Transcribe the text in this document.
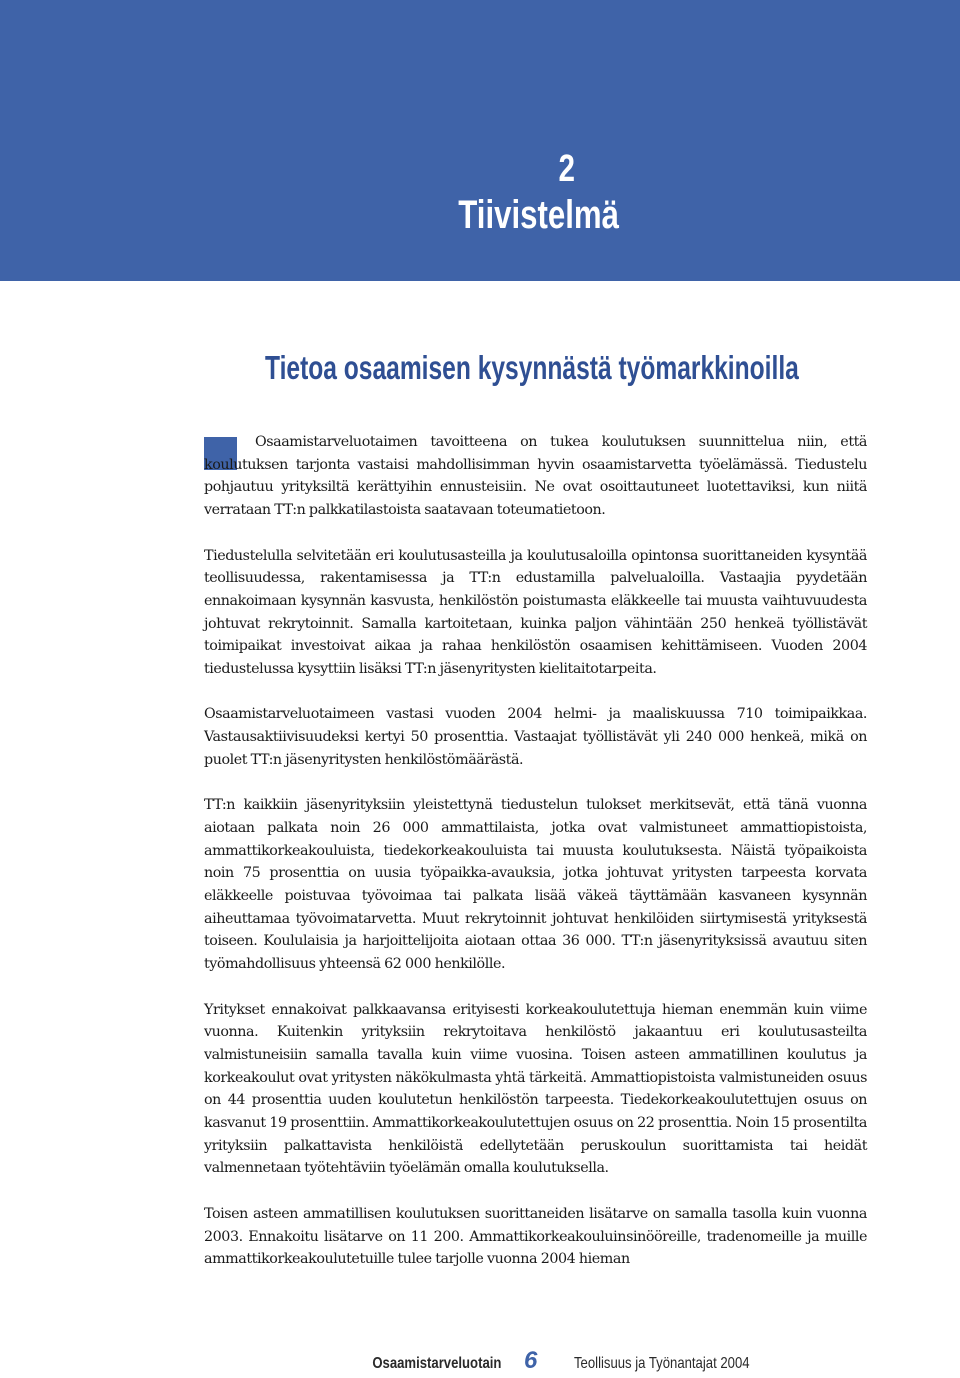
2
Tiivistelmä
Tietoa osaamisen kysynnästä työmarkkinoilla

Osaamistarveluotaimen tavoitteena on tukea koulutuksen suunnittelua niin, että koulutuksen tarjonta vastaisi mahdollisimman hyvin osaamistarvetta työelämässä. Tiedustelu pohjautuu yrityksiltä kerättyihin ennusteisiin. Ne ovat osoittautuneet luotettaviksi, kun niitä verrataan TT:n palkkatilastoista saatavaan toteumatietoon.

Tiedustelulla selvitetään eri koulutusasteilla ja koulutusaloilla opintonsa suorittaneiden kysyntää teollisuudessa, rakentamisessa ja TT:n edustamilla palvelualoilla. Vastaajia pyydetään ennakoimaan kysynnän kasvusta, henkilöstön poistumasta eläkkeelle tai muusta vaihtuvuudesta johtuvat rekrytoinnit. Samalla kartoitetaan, kuinka paljon vähintään 250 henkeä työllistävät toimipaikat investoivat aikaa ja rahaa henkilöstön osaamisen kehittämiseen. Vuoden 2004 tiedustelussa kysyttiin lisäksi TT:n jäsenyritysten kielitaitotarpeita.

Osaamistarveluotaimeen vastasi vuoden 2004 helmi- ja maaliskuussa 710 toimipaikkaa. Vastausaktiivisuudeksi kertyi 50 prosenttia. Vastaajat työllistävät yli 240 000 henkeä, mikä on puolet TT:n jäsenyritysten henkilöstömäärästä.

TT:n kaikkiin jäsenyrityksiin yleistettynä tiedustelun tulokset merkitsevät, että tänä vuonna aiotaan palkata noin 26 000 ammattilaista, jotka ovat valmistuneet ammattiopistoista, ammattikorkeakouluista, tiedekorkeakouluista tai muusta koulutuksesta. Näistä työpaikoista noin 75 prosenttia on uusia työpaikka-avauksia, jotka johtuvat yritysten tarpeesta korvata eläkkeelle poistuvaa työvoimaa tai palkata lisää väkeä täyttämään kasvaneen kysynnän aiheuttamaa työvoimatarvetta. Muut rekrytoinnit johtuvat henkilöiden siirtymisestä yrityksestä toiseen. Koululaisia ja harjoittelijoita aiotaan ottaa 36 000. TT:n jäsenyrityksissä avautuu siten työmahdollisuus yhteensä 62 000 henkilölle.

Yritykset ennakoivat palkkaavansa erityisesti korkeakoulutettuja hieman enemmän kuin viime vuonna. Kuitenkin yrityksiin rekrytoitava henkilöstö jakaantuu eri koulutusasteilta valmistuneisiin samalla tavalla kuin viime vuosina. Toisen asteen ammatillinen koulutus ja korkeakoulut ovat yritysten näkökulmasta yhtä tärkeitä. Ammattiopistoista valmistuneiden osuus on 44 prosenttia uuden koulutetun henkilöstön tarpeesta. Tiedekorkeakoulutettujen osuus on kasvanut 19 prosenttiin. Ammattikorkeakoulutettujen osuus on 22 prosenttia. Noin 15 prosentilta yrityksiin palkattavista henkilöistä edellytetään peruskoulun suorittamista tai heidät valmennetaan työtehtäviin työelämän omalla koulutuksella.

Toisen asteen ammatillisen koulutuksen suorittaneiden lisätarve on samalla tasolla kuin vuonna 2003. Ennakoitu lisätarve on 11 200. Ammattikorkeakouluinsinööreille, tradenomeille ja muille ammattikorkeakoulutetuille tulee tarjolle vuonna 2004 hieman

Osaamistarveluotain 6 Teollisuus ja Työnantajat 2004
